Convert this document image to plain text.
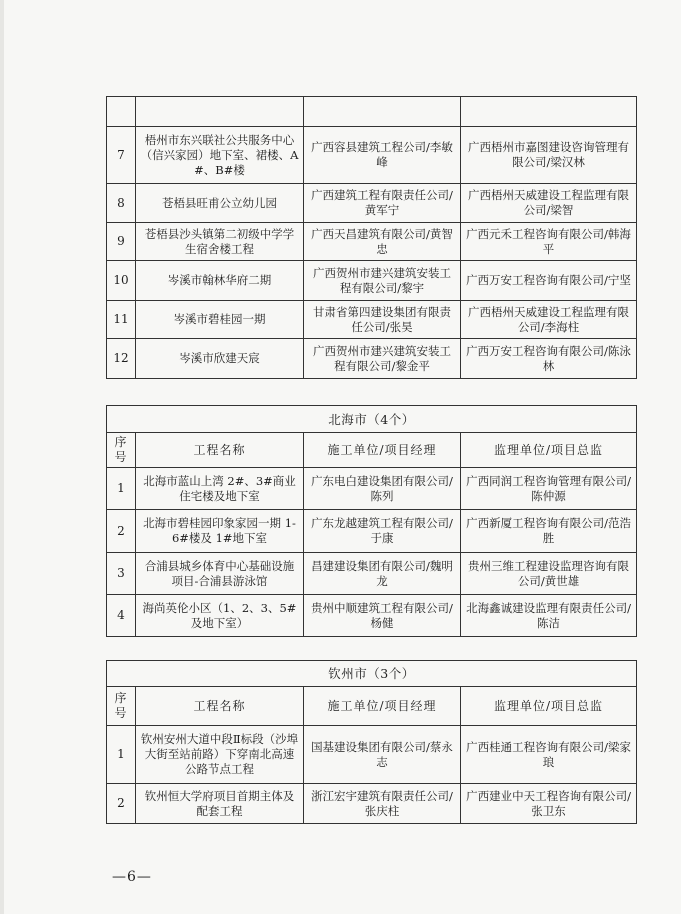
7	梧州市东兴联社公共服务中心（信兴家园）地下室、裙楼、A#、B#楼	广西容县建筑工程公司/李敏峰	广西梧州市嘉图建设咨询管理有限公司/梁汉林
8	苍梧县旺甫公立幼儿园	广西建筑工程有限责任公司/黄军宁	广西梧州天威建设工程监理有限公司/梁智
9	苍梧县沙头镇第二初级中学学生宿舍楼工程	广西天昌建筑有限公司/黄智忠	广西元禾工程咨询有限公司/韩海平
10	岑溪市翰林华府二期	广西贺州市建兴建筑安装工程有限公司/黎宇	广西万安工程咨询有限公司/宁坚
11	岑溪市碧桂园一期	甘肃省第四建设集团有限责任公司/张昊	广西梧州天威建设工程监理有限公司/李海柱
12	岑溪市欣建天宸	广西贺州市建兴建筑安装工程有限公司/黎金平	广西万安工程咨询有限公司/陈泳林
北海市（4个）			
序号	工程名称	施工单位/项目经理	监理单位/项目总监
1	北海市蓝山上湾 2#、3#商业住宅楼及地下室	广东电白建设集团有限公司/陈列	广西同润工程咨询管理有限公司/陈仲源
2	北海市碧桂园印象家园一期 1-6#楼及 1#地下室	广东龙越建筑工程有限公司/于康	广西新厦工程咨询有限公司/范浩胜
3	合浦县城乡体育中心基础设施项目-合浦县游泳馆	昌建建设集团有限公司/魏明龙	贵州三维工程建设监理咨询有限公司/黄世雄
4	海尚英伦小区（1、2、3、5#及地下室）	贵州中顺建筑工程有限公司/杨健	北海鑫诚建设监理有限责任公司/陈洁
钦州市（3个）			
序号	工程名称	施工单位/项目经理	监理单位/项目总监
1	钦州安州大道中段Ⅱ标段（沙埠大街至站前路）下穿南北高速公路节点工程	国基建设集团有限公司/蔡永志	广西桂通工程咨询有限公司/梁家琅
2	钦州恒大学府项目首期主体及配套工程	浙江宏宇建筑有限责任公司/张庆柱	广西建业中天工程咨询有限公司/张卫东
—6—
